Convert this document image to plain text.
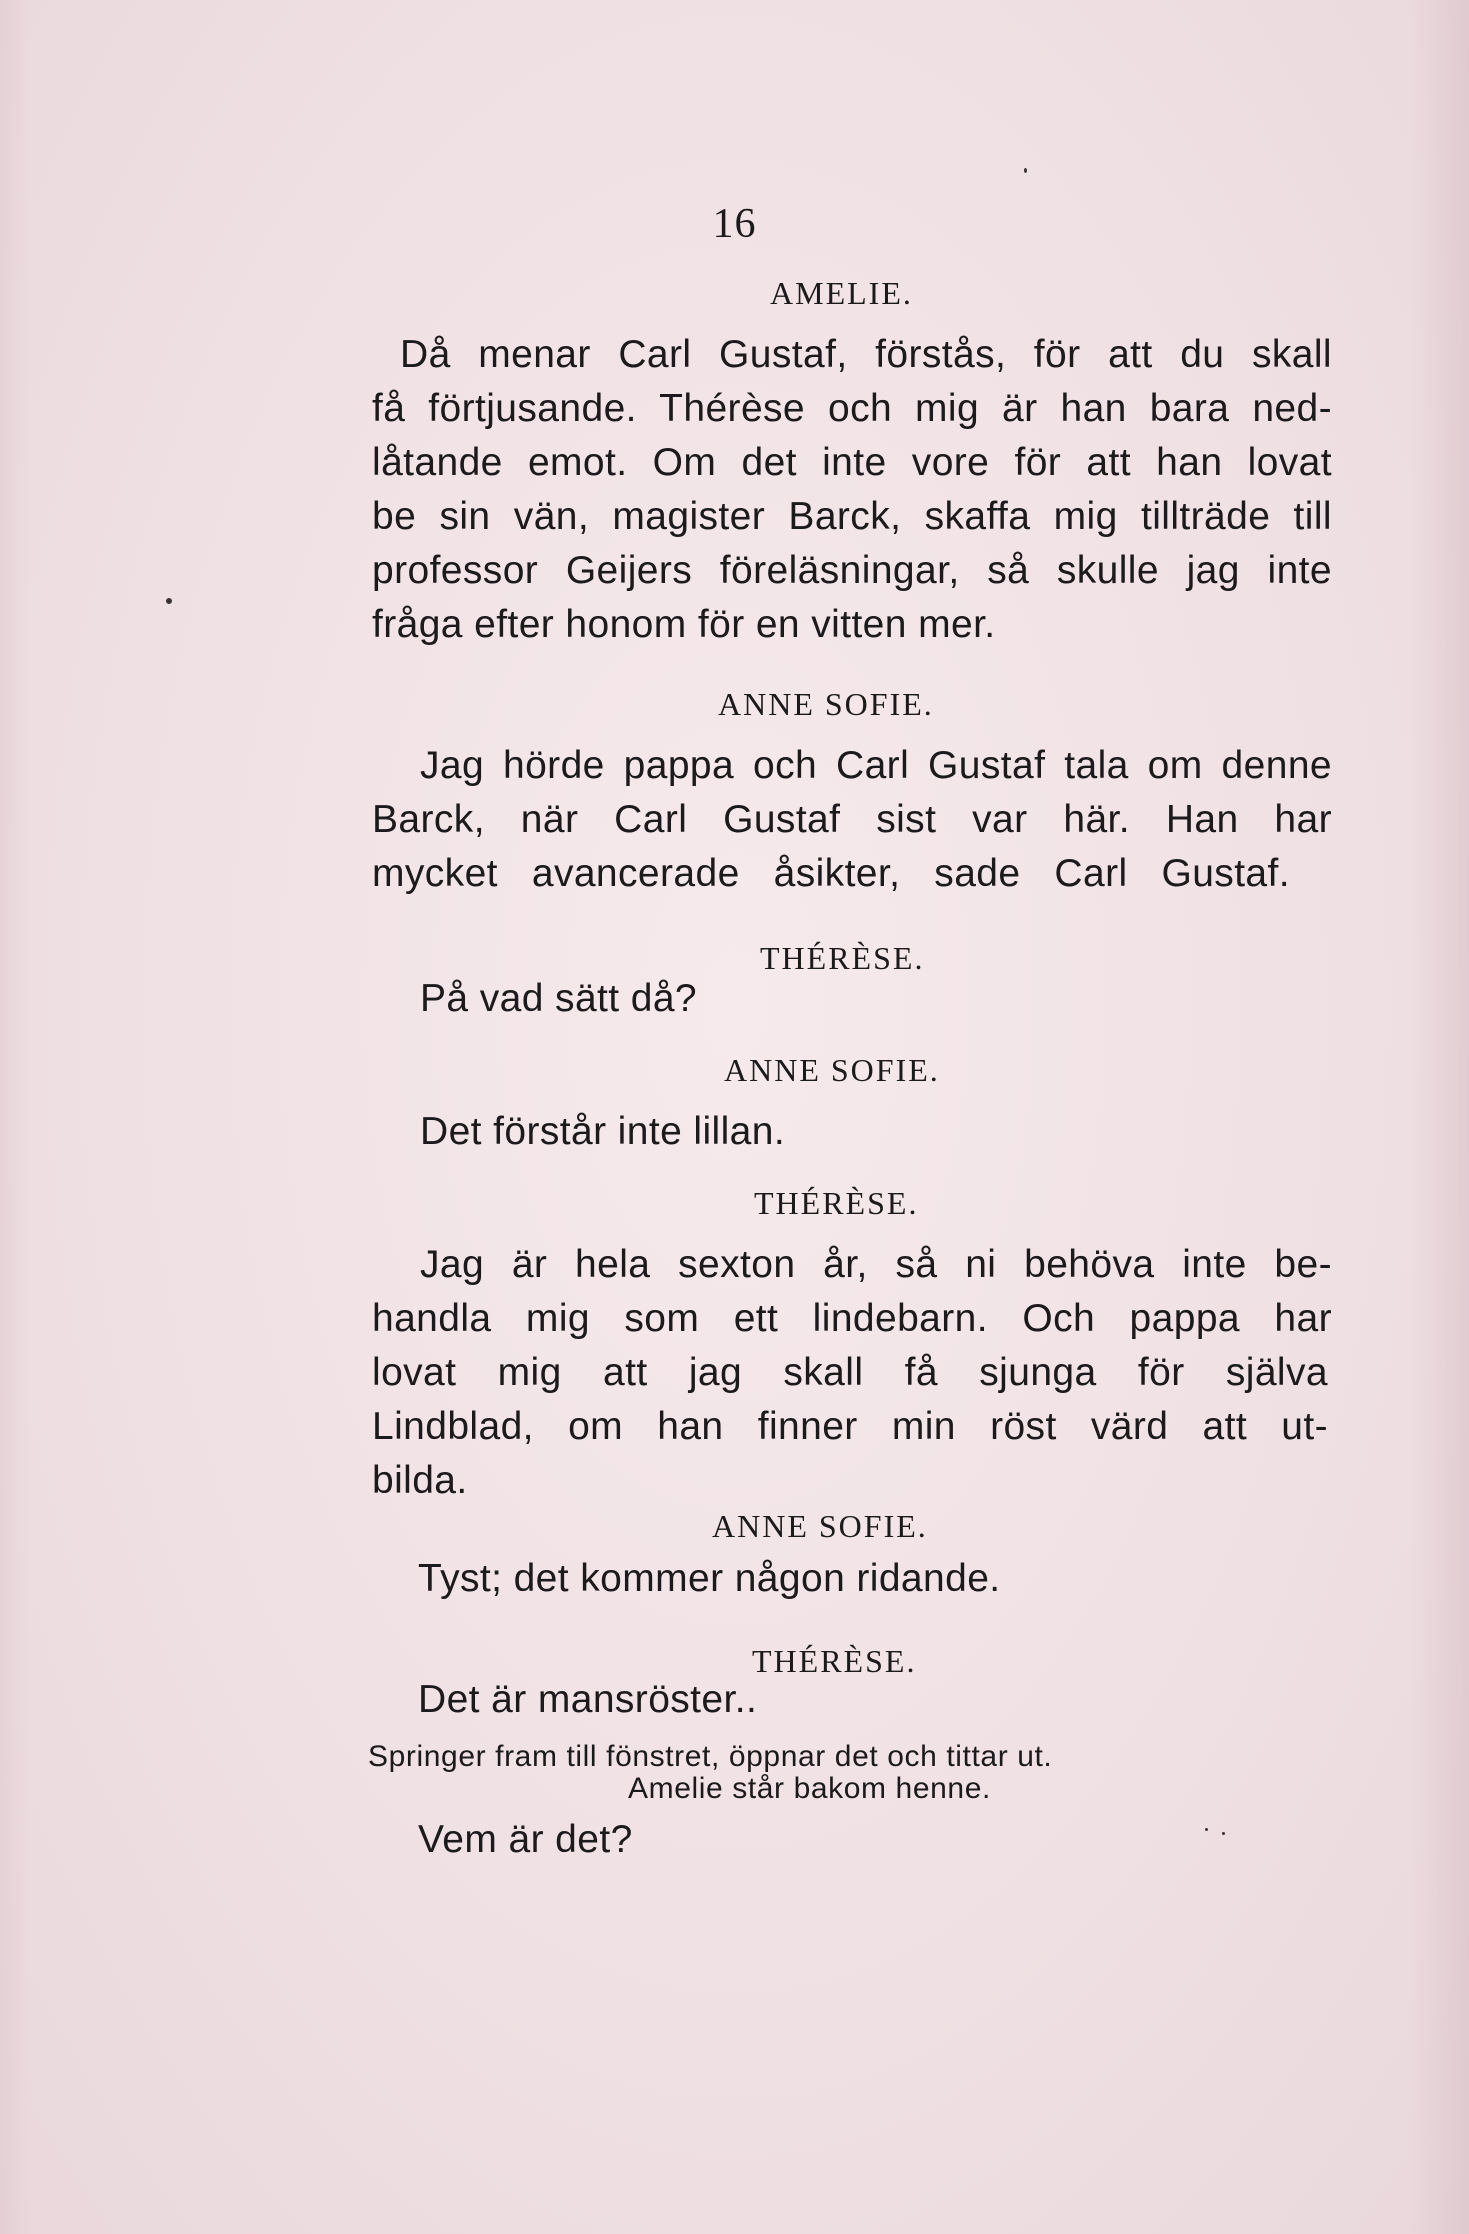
16
AMELIE.
Då menar Carl Gustaf, förstås, för att du skall
få förtjusande. Thérèse och mig är han bara ned-
låtande emot. Om det inte vore för att han lovat
be sin vän, magister Barck, skaffa mig tillträde till
professor Geijers föreläsningar, så skulle jag inte
fråga efter honom för en vitten mer.
ANNE SOFIE.
Jag hörde pappa och Carl Gustaf tala om denne
Barck, när Carl Gustaf sist var här. Han har
mycket avancerade åsikter, sade Carl Gustaf.
THÉRÈSE.
På vad sätt då?
ANNE SOFIE.
Det förstår inte lillan.
THÉRÈSE.
Jag är hela sexton år, så ni behöva inte be-
handla mig som ett lindebarn. Och pappa har
lovat mig att jag skall få sjunga för själva
Lindblad, om han finner min röst värd att ut-
bilda.
ANNE SOFIE.
Tyst; det kommer någon ridande.
THÉRÈSE.
Det är mansröster..
Springer fram till fönstret, öppnar det och tittar ut.
Amelie står bakom henne.
Vem är det?
